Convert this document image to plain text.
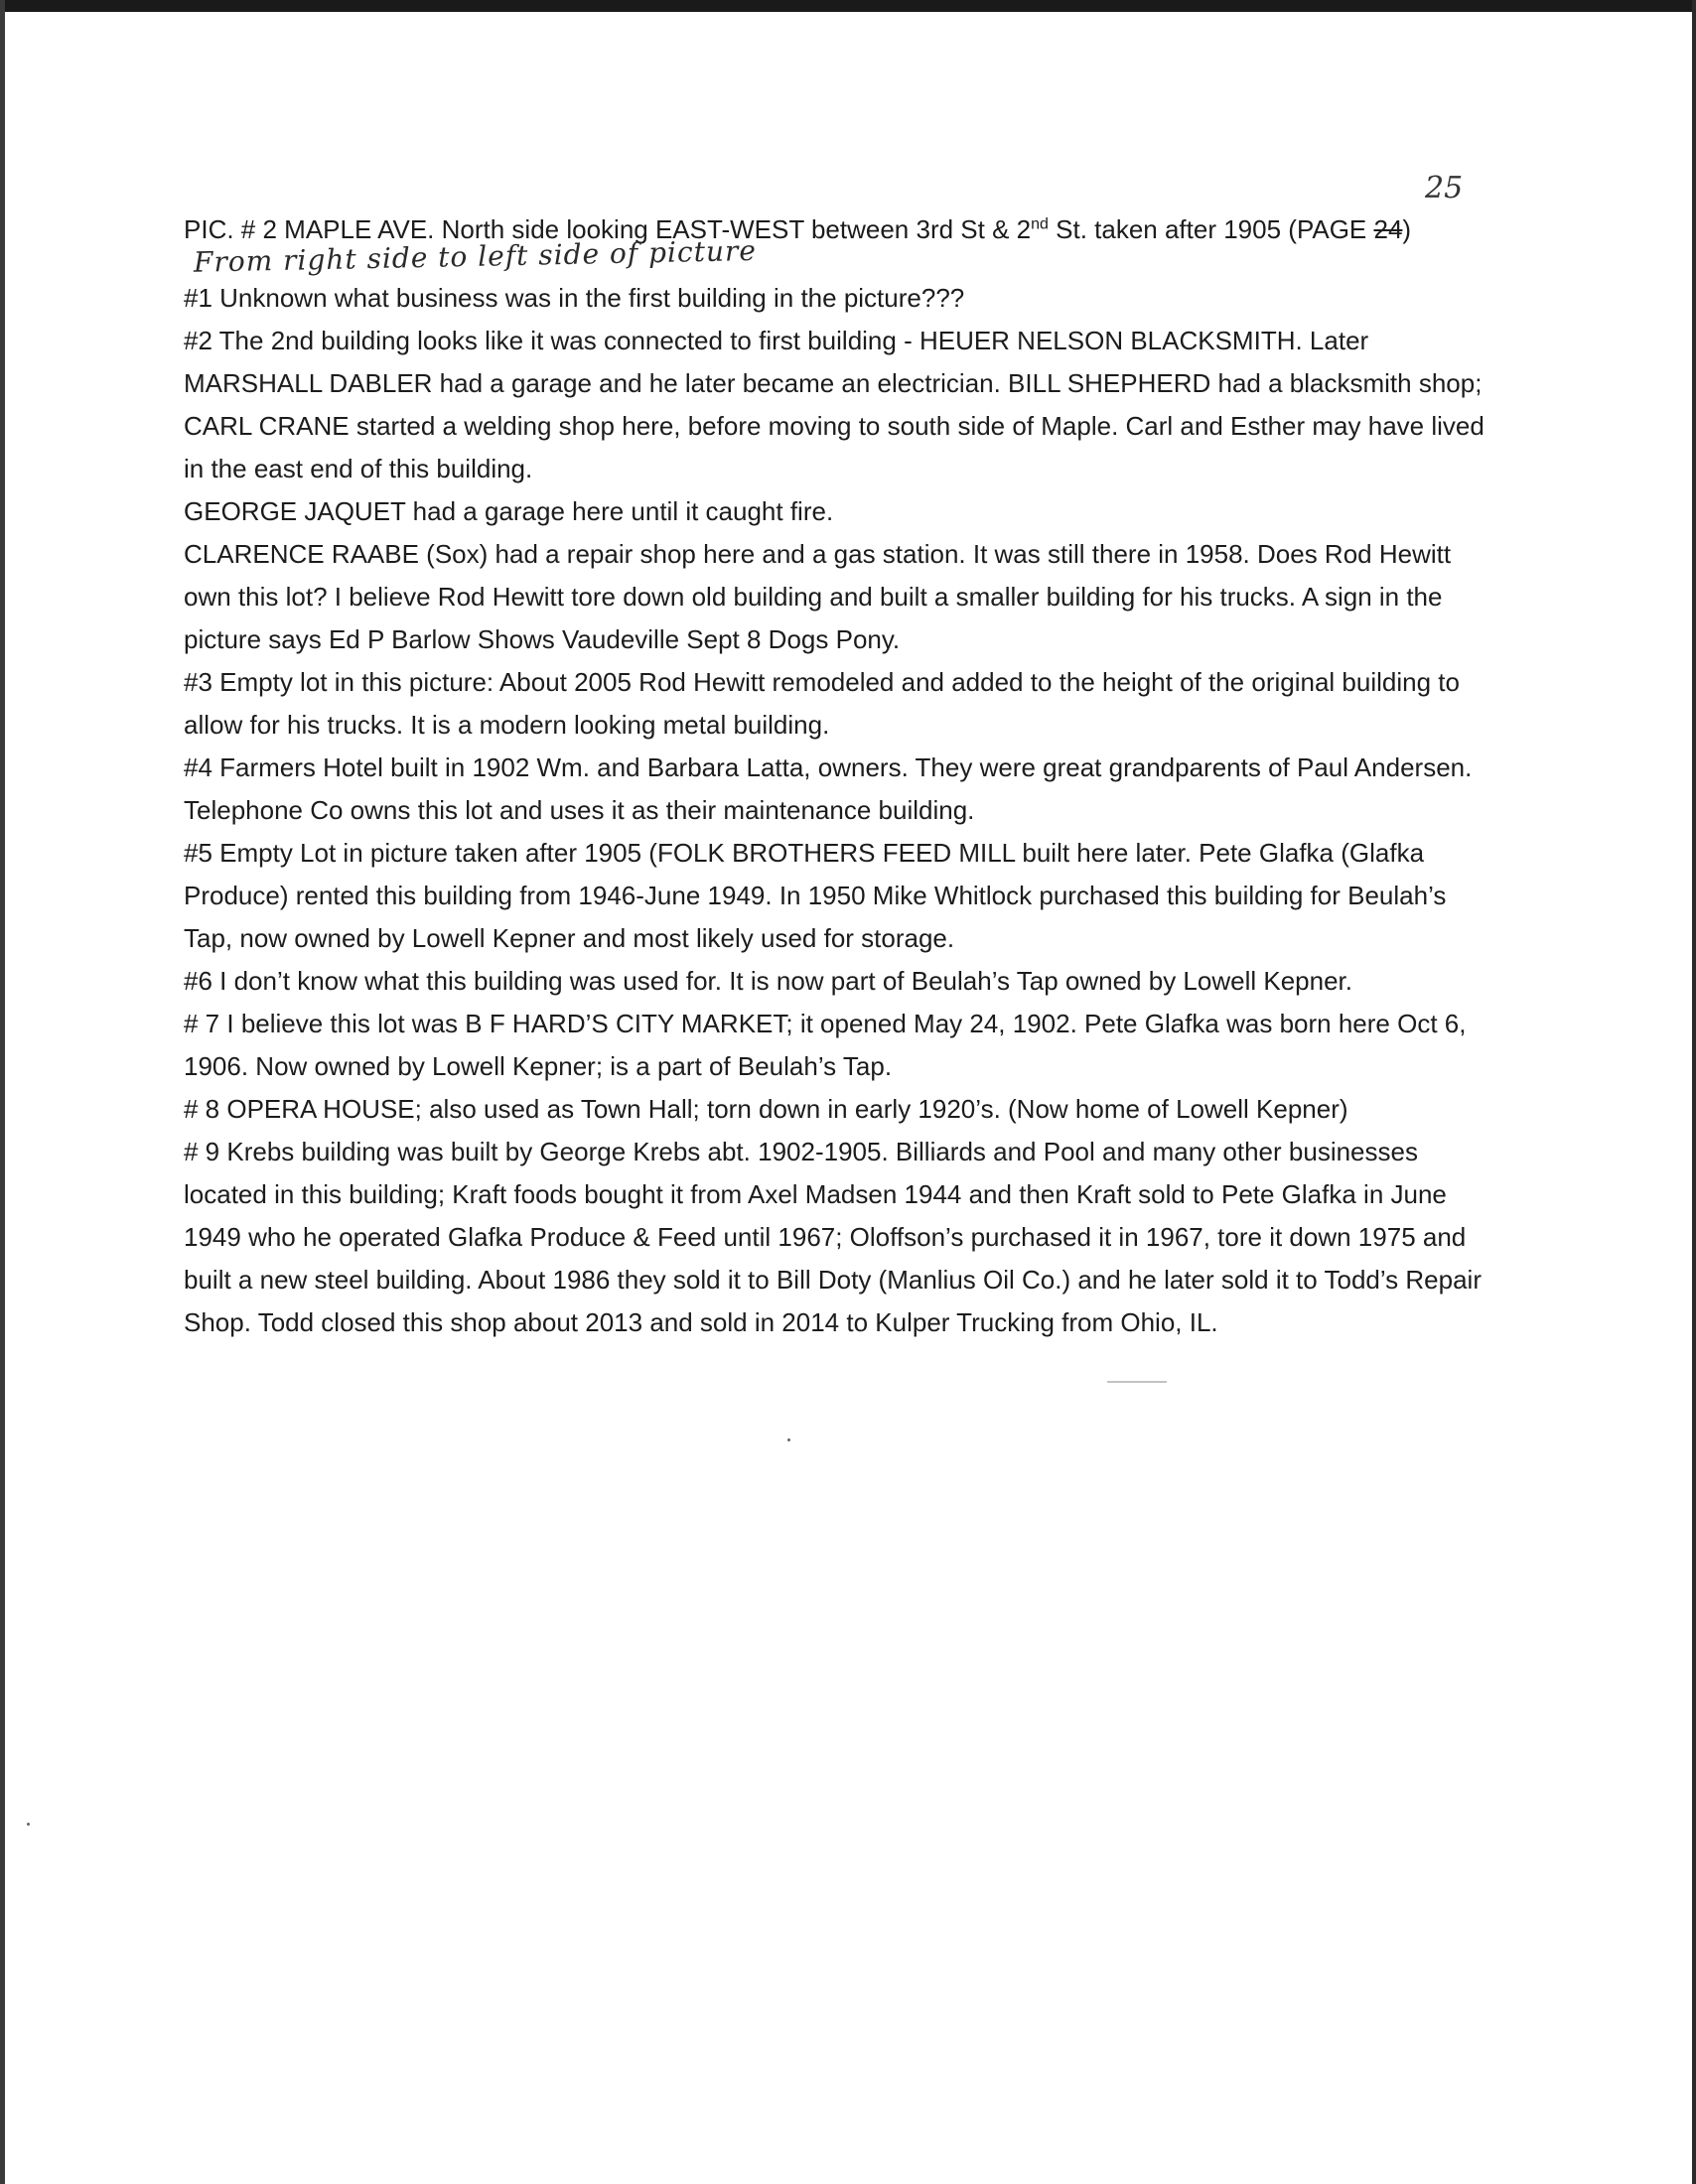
25
PIC. # 2 MAPLE AVE. North side looking EAST-WEST between 3rd St & 2nd St. taken after 1905 (PAGE 24)
From right side to left side of picture

#1 Unknown what business was in the first building in the picture???

#2 The 2nd building looks like it was connected to first building - HEUER NELSON BLACKSMITH. Later MARSHALL DABLER had a garage and he later became an electrician. BILL SHEPHERD had a blacksmith shop; CARL CRANE started a welding shop here, before moving to south side of Maple. Carl and Esther may have lived in the east end of this building.

GEORGE JAQUET had a garage here until it caught fire.

CLARENCE RAABE (Sox) had a repair shop here and a gas station. It was still there in 1958. Does Rod Hewitt own this lot? I believe Rod Hewitt tore down old building and built a smaller building for his trucks. A sign in the picture says Ed P Barlow Shows Vaudeville Sept 8 Dogs Pony.

#3 Empty lot in this picture: About 2005 Rod Hewitt remodeled and added to the height of the original building to allow for his trucks. It is a modern looking metal building.

#4 Farmers Hotel built in 1902 Wm. and Barbara Latta, owners. They were great grandparents of Paul Andersen. Telephone Co owns this lot and uses it as their maintenance building.

#5 Empty Lot in picture taken after 1905 (FOLK BROTHERS FEED MILL built here later. Pete Glafka (Glafka Produce) rented this building from 1946-June 1949. In 1950 Mike Whitlock purchased this building for Beulah’s Tap, now owned by Lowell Kepner and most likely used for storage.

#6 I don’t know what this building was used for. It is now part of Beulah’s Tap owned by Lowell Kepner.

# 7 I believe this lot was B F HARD’S CITY MARKET; it opened May 24, 1902. Pete Glafka was born here Oct 6, 1906. Now owned by Lowell Kepner; is a part of Beulah’s Tap.

# 8 OPERA HOUSE; also used as Town Hall; torn down in early 1920’s. (Now home of Lowell Kepner)

# 9 Krebs building was built by George Krebs abt. 1902-1905. Billiards and Pool and many other businesses located in this building; Kraft foods bought it from Axel Madsen 1944 and then Kraft sold to Pete Glafka in June 1949 who he operated Glafka Produce & Feed until 1967; Oloffson’s purchased it in 1967, tore it down 1975 and built a new steel building. About 1986 they sold it to Bill Doty (Manlius Oil Co.) and he later sold it to Todd’s Repair Shop. Todd closed this shop about 2013 and sold in 2014 to Kulper Trucking from Ohio, IL.
